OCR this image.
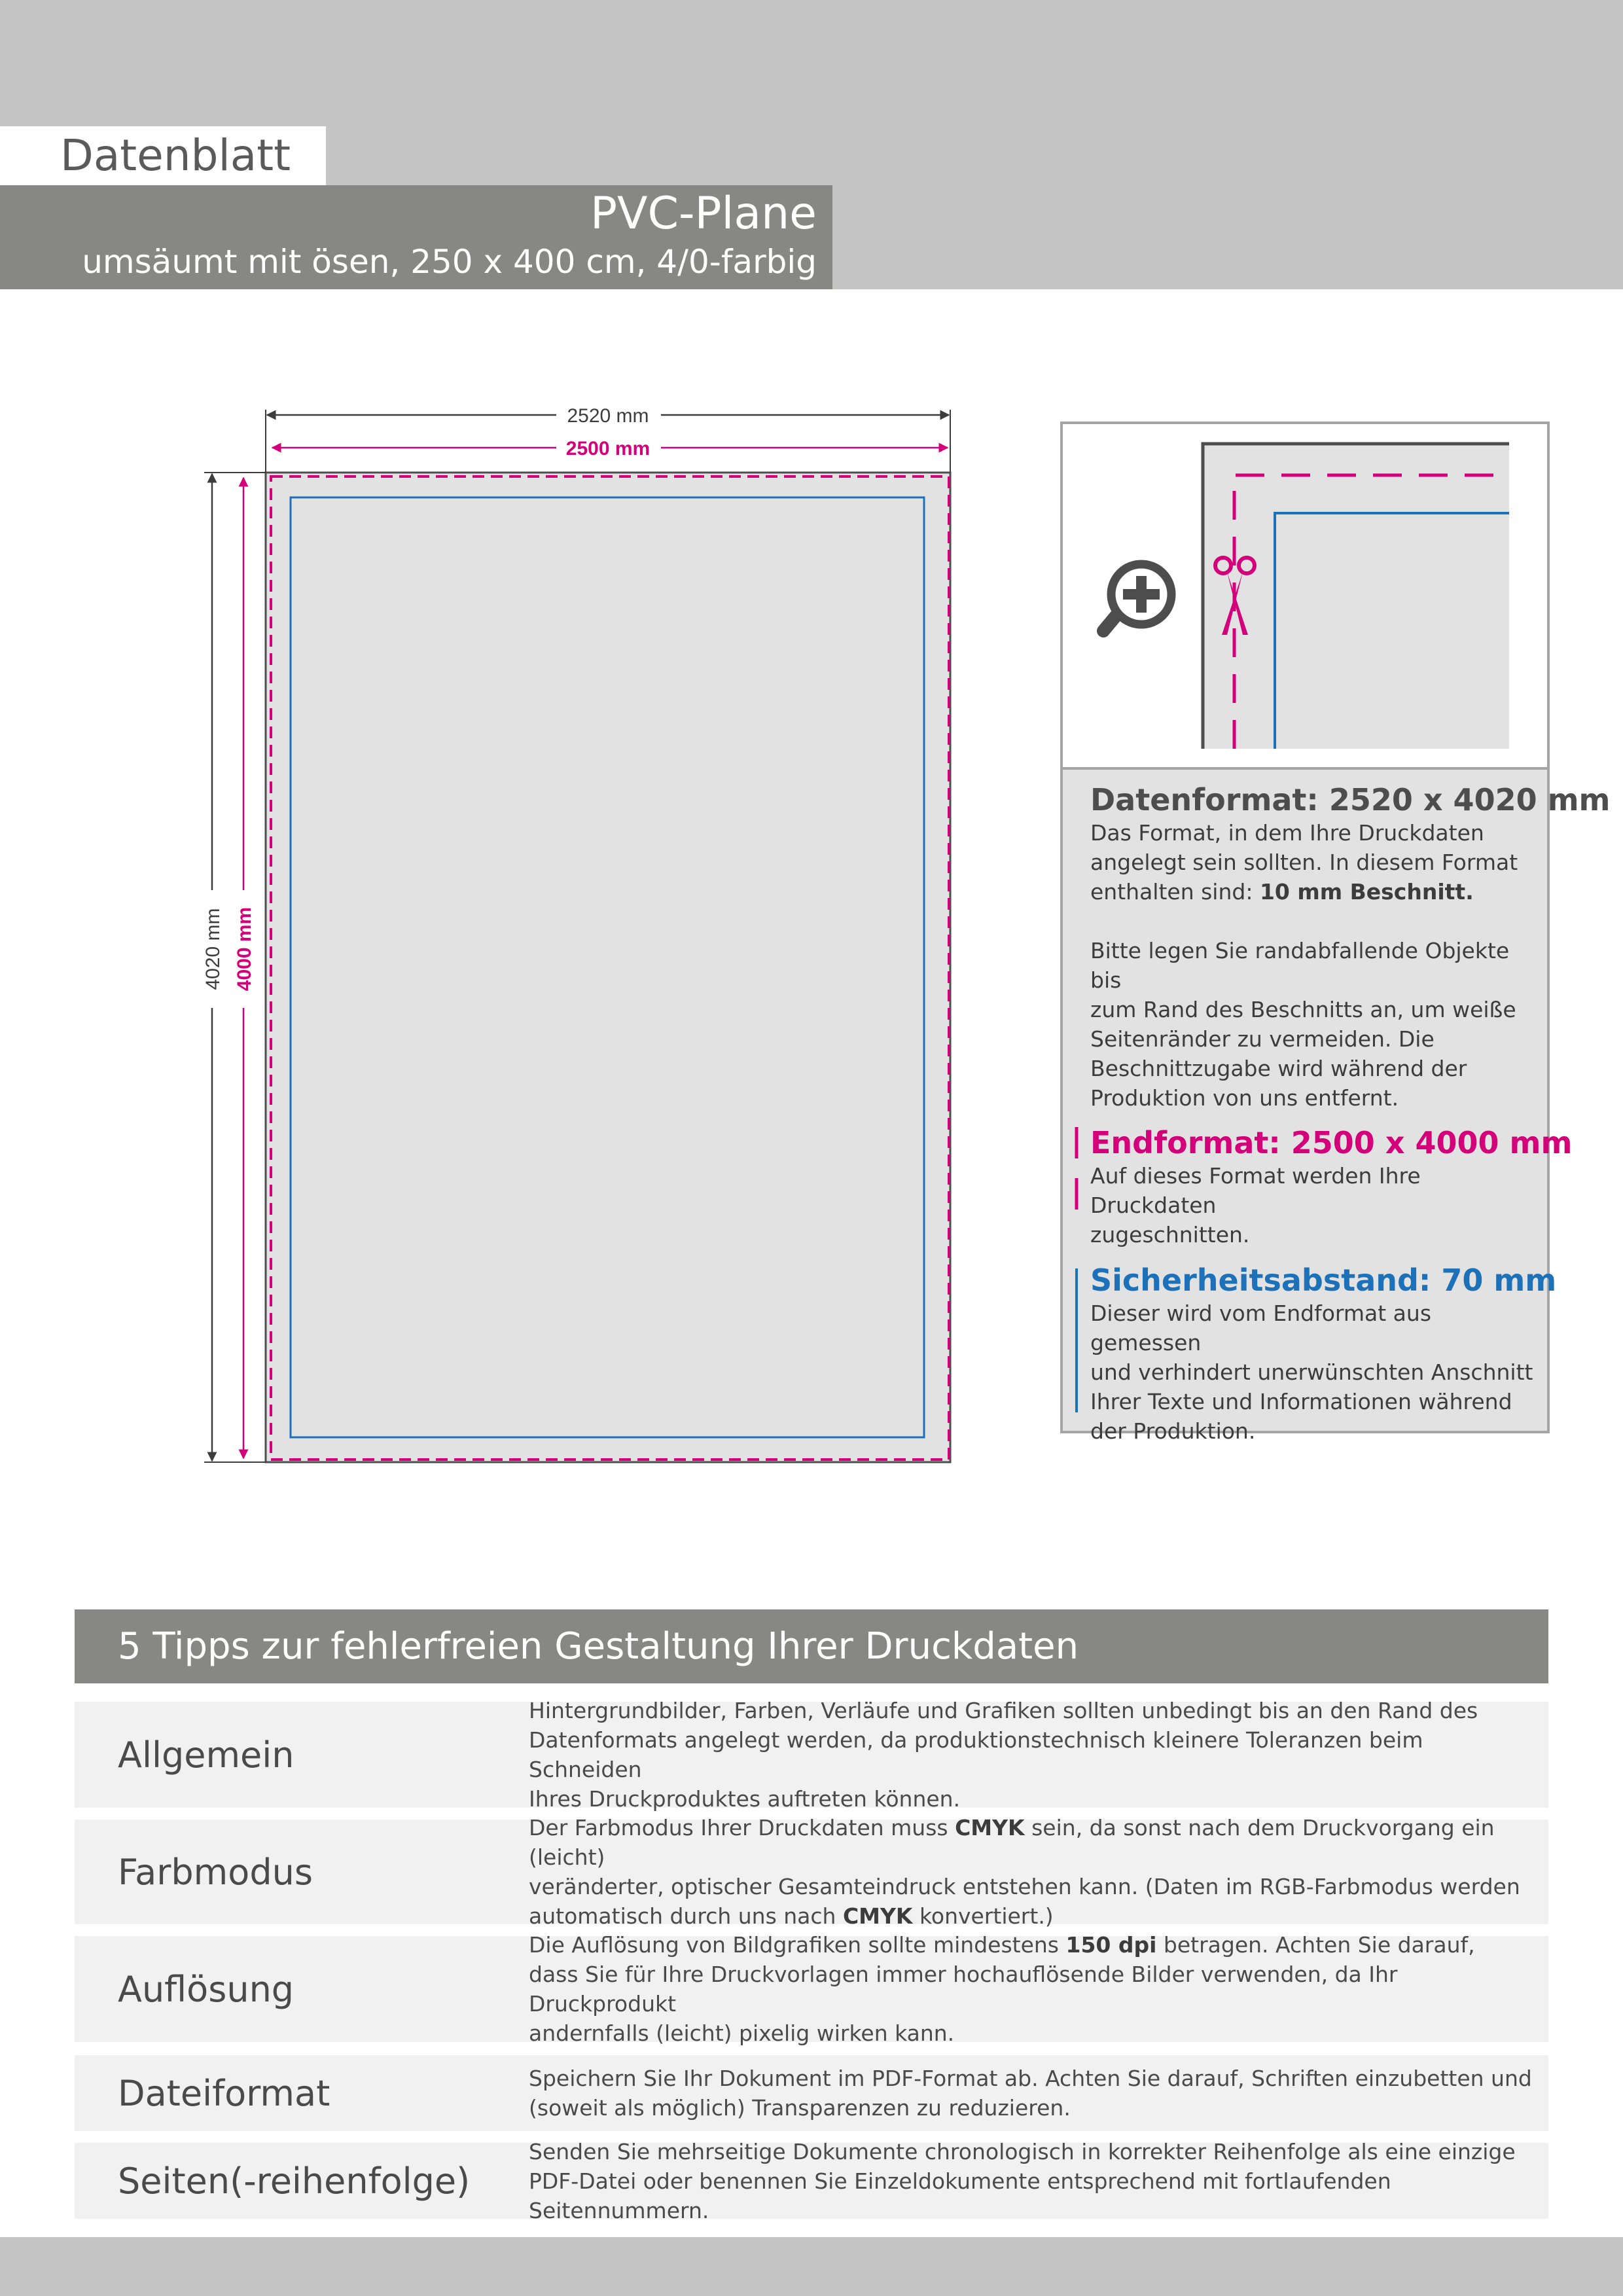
Datenblatt
PVC-Plane
umsäumt mit ösen, 250 x 400 cm, 4/0-farbig
2520 mm
2500 mm
4020 mm 4000 mm
Datenformat: 2520 x 4020 mm
Das Format, in dem Ihre Druckdaten
angelegt sein sollten. In diesem Format
enthalten sind: 10 mm Beschnitt.
Bitte legen Sie randabfallende Objekte bis
zum Rand des Beschnitts an, um weiße
Seitenränder zu vermeiden. Die
Beschnittzugabe wird während der
Produktion von uns entfernt.
Endformat: 2500 x 4000 mm
Auf dieses Format werden Ihre Druckdaten
zugeschnitten.
Sicherheitsabstand: 70 mm
Dieser wird vom Endformat aus gemessen
und verhindert unerwünschten Anschnitt
Ihrer Texte und Informationen während
der Produktion.
5 Tipps zur fehlerfreien Gestaltung Ihrer Druckdaten
Allgemein
Hintergrundbilder, Farben, Verläufe und Grafiken sollten unbedingt bis an den Rand des
Datenformats angelegt werden, da produktionstechnisch kleinere Toleranzen beim Schneiden
Ihres Druckproduktes auftreten können.
Farbmodus
Der Farbmodus Ihrer Druckdaten muss CMYK sein, da sonst nach dem Druckvorgang ein (leicht)
veränderter, optischer Gesamteindruck entstehen kann. (Daten im RGB-Farbmodus werden
automatisch durch uns nach CMYK konvertiert.)
Auflösung
Die Auflösung von Bildgrafiken sollte mindestens 150 dpi betragen. Achten Sie darauf,
dass Sie für Ihre Druckvorlagen immer hochauflösende Bilder verwenden, da Ihr Druckprodukt
andernfalls (leicht) pixelig wirken kann.
Dateiformat	Speichern Sie Ihr Dokument im PDF-Format ab. Achten Sie darauf, Schriften einzubetten und
(soweit als möglich) Transparenzen zu reduzieren.
Seiten(-reihenfolge)
Senden Sie mehrseitige Dokumente chronologisch in korrekter Reihenfolge als eine einzige
PDF-Datei oder benennen Sie Einzeldokumente entsprechend mit fortlaufenden Seitennummern.
